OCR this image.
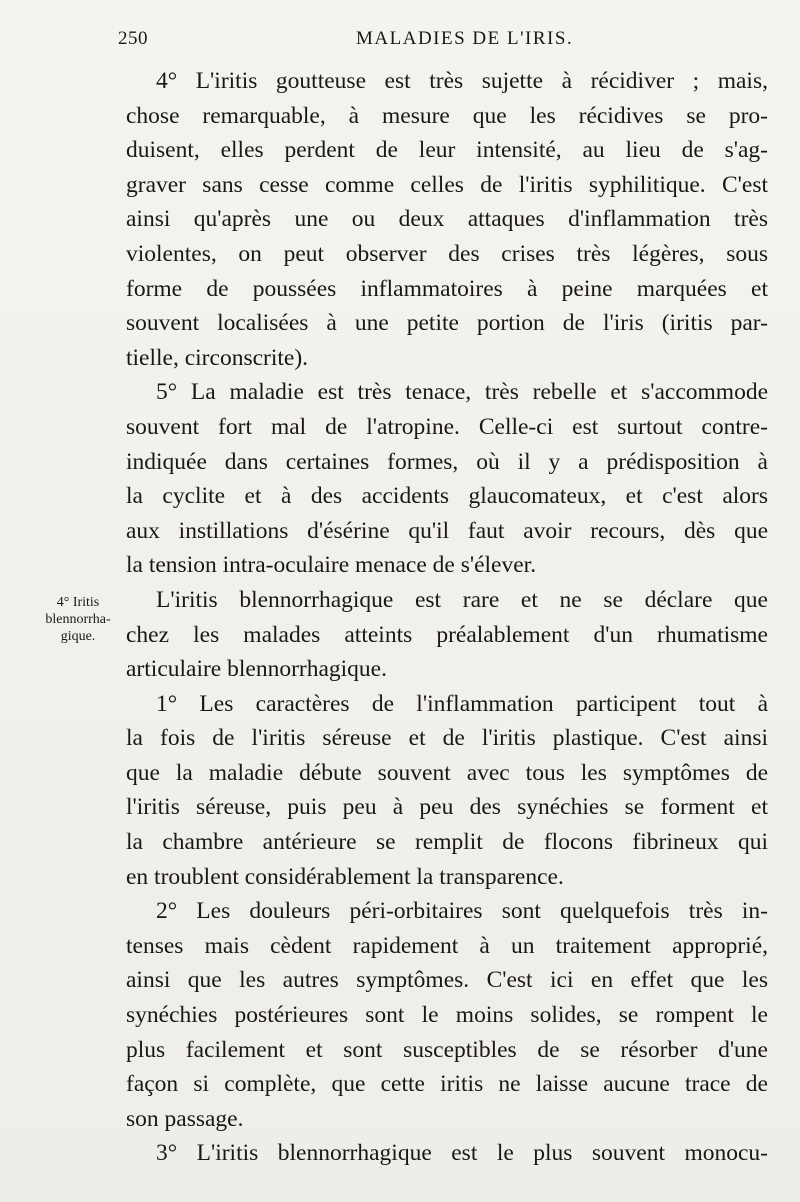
250	MALADIES DE L'IRIS.
4° Iritis
blennorrha-
gique.
4° L'iritis goutteuse est très sujette à récidiver ; mais,
chose remarquable, à mesure que les récidives se pro-
duisent, elles perdent de leur intensité, au lieu de s'ag-
graver sans cesse comme celles de l'iritis syphilitique. C'est
ainsi qu'après une ou deux attaques d'inflammation très
violentes, on peut observer des crises très légères, sous
forme de poussées inflammatoires à peine marquées et
souvent localisées à une petite portion de l'iris (iritis par-
tielle, circonscrite).
5° La maladie est très tenace, très rebelle et s'accommode
souvent fort mal de l'atropine. Celle-ci est surtout contre-
indiquée dans certaines formes, où il y a prédisposition à
la cyclite et à des accidents glaucomateux, et c'est alors
aux instillations d'ésérine qu'il faut avoir recours, dès que
la tension intra-oculaire menace de s'élever.
L'iritis blennorrhagique est rare et ne se déclare que
chez les malades atteints préalablement d'un rhumatisme
articulaire blennorrhagique.
1° Les caractères de l'inflammation participent tout à
la fois de l'iritis séreuse et de l'iritis plastique. C'est ainsi
que la maladie débute souvent avec tous les symptômes de
l'iritis séreuse, puis peu à peu des synéchies se forment et
la chambre antérieure se remplit de flocons fibrineux qui
en troublent considérablement la transparence.
2° Les douleurs péri-orbitaires sont quelquefois très in-
tenses mais cèdent rapidement à un traitement approprié,
ainsi que les autres symptômes. C'est ici en effet que les
synéchies postérieures sont le moins solides, se rompent le
plus facilement et sont susceptibles de se résorber d'une
façon si complète, que cette iritis ne laisse aucune trace de
son passage.
3° L'iritis blennorrhagique est le plus souvent monocu-
